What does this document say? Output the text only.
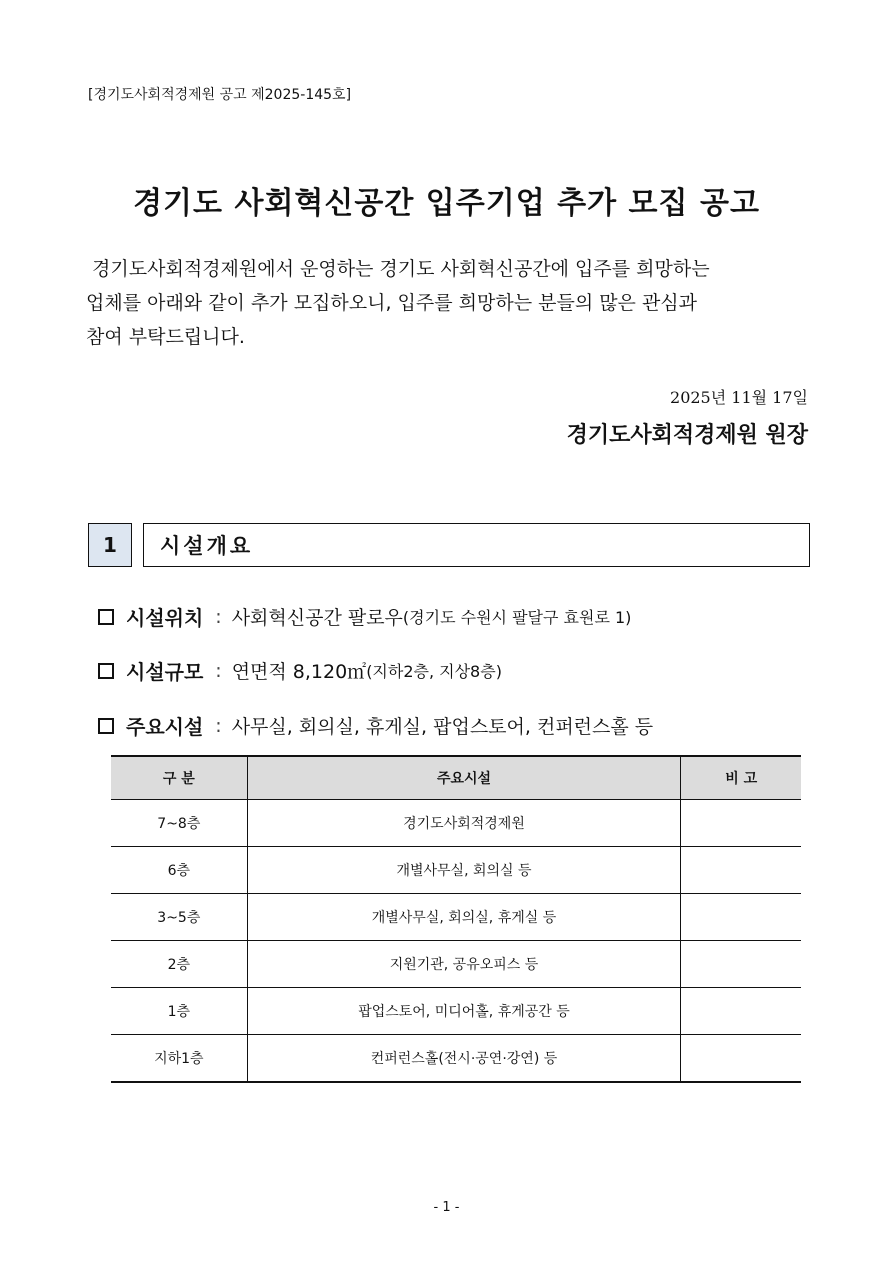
[경기도사회적경제원 공고 제2025-145호]
경기도 사회혁신공간 입주기업 추가 모집 공고

경기도사회적경제원에서 운영하는 경기도 사회혁신공간에 입주를 희망하는

업체를 아래와 같이 추가 모집하오니, 입주를 희망하는 분들의 많은 관심과

참여 부탁드립니다.

2025년 11월 17일
경기도사회적경제원 원장
1	시설개요
시설위치 : 사회혁신공간 팔로우 (경기도 수원시 팔달구 효원로 1)
시설규모 : 연면적 8,120㎡ (지하2층, 지상8층)
주요시설 : 사무실, 회의실, 휴게실, 팝업스토어, 컨퍼런스홀 등
구 분	주요시설	비 고
7~8층	경기도사회적경제원	
6층	개별사무실, 회의실 등	
3~5층	개별사무실, 회의실, 휴게실 등	
2층	지원기관, 공유오피스 등	
1층	팝업스토어, 미디어홀, 휴게공간 등	
지하1층	컨퍼런스홀(전시·공연·강연) 등	
- 1 -
